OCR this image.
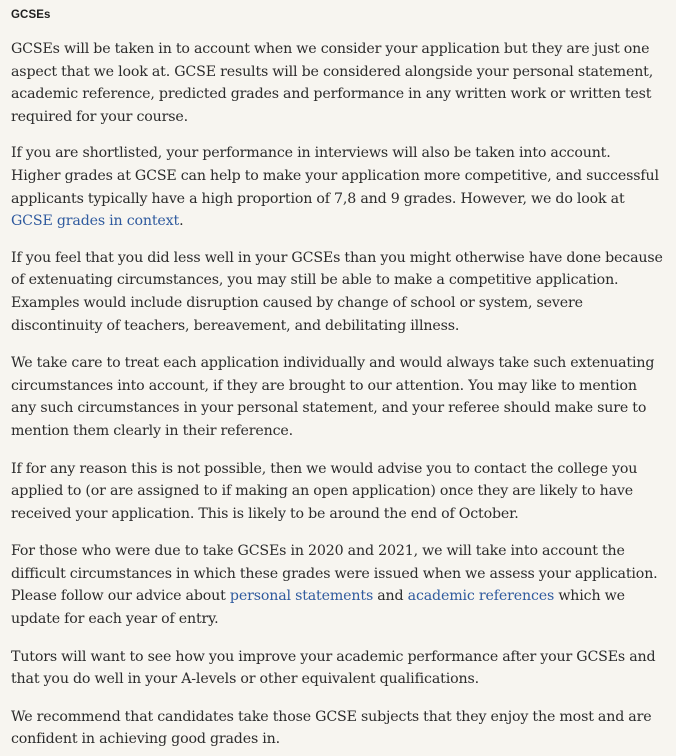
GCSEs

GCSEs will be taken in to account when we consider your application but they are just one aspect that we look at. GCSE results will be considered alongside your personal statement, academic reference, predicted grades and performance in any written work or written test required for your course.

If you are shortlisted, your performance in interviews will also be taken into account.
Higher grades at GCSE can help to make your application more competitive, and successful applicants typically have a high proportion of 7,8 and 9 grades. However, we do look at GCSE grades in context.

If you feel that you did less well in your GCSEs than you might otherwise have done because of extenuating circumstances, you may still be able to make a competitive application. Examples would include disruption caused by change of school or system, severe discontinuity of teachers, bereavement, and debilitating illness.

We take care to treat each application individually and would always take such extenuating circumstances into account, if they are brought to our attention. You may like to mention any such circumstances in your personal statement, and your referee should make sure to mention them clearly in their reference.

If for any reason this is not possible, then we would advise you to contact the college you applied to (or are assigned to if making an open application) once they are likely to have received your application. This is likely to be around the end of October.

For those who were due to take GCSEs in 2020 and 2021, we will take into account the difficult circumstances in which these grades were issued when we assess your application. Please follow our advice about personal statements and academic references which we update for each year of entry.

Tutors will want to see how you improve your academic performance after your GCSEs and that you do well in your A-levels or other equivalent qualifications.

We recommend that candidates take those GCSE subjects that they enjoy the most and are confident in achieving good grades in.
